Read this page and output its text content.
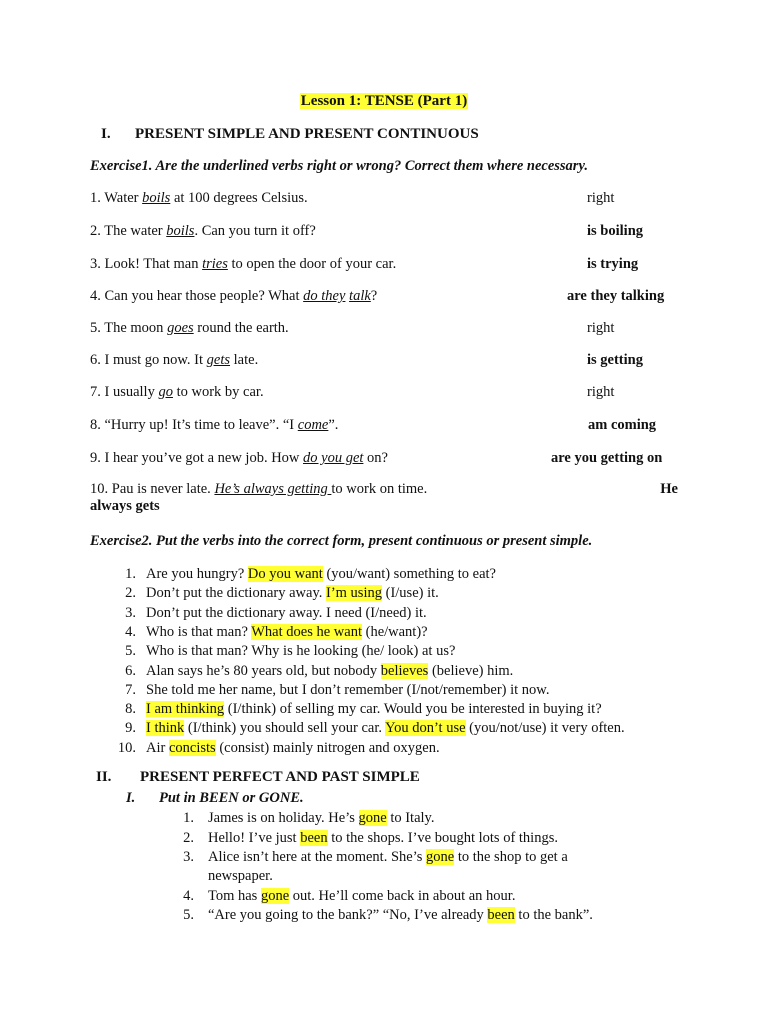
Lesson 1: TENSE (Part 1)
I. PRESENT SIMPLE AND PRESENT CONTINUOUS
Exercise1. Are the underlined verbs right or wrong? Correct them where necessary.
1. Water boils at 100 degrees Celsius.	right
2. The water boils. Can you turn it off?	is boiling
3. Look! That man tries to open the door of your car.	is trying
4. Can you hear those people? What do they talk?	are they talking
5. The moon goes round the earth.	right
6. I must go now. It gets late.	is getting
7. I usually go to work by car.	right
8. “Hurry up! It’s time to leave”. “I come”.	am coming
9. I hear you’ve got a new job. How do you get on?	are you getting on
10. Pau is never late. He’s always getting to work on time.	He
always gets
Exercise2. Put the verbs into the correct form, present continuous or present simple.
1. Are you hungry? Do you want (you/want) something to eat?
2. Don’t put the dictionary away. I’m using (I/use) it.
3. Don’t put the dictionary away. I need (I/need) it.
4. Who is that man? What does he want (he/want)?
5. Who is that man? Why is he looking (he/ look) at us?
6. Alan says he’s 80 years old, but nobody believes (believe) him.
7. She told me her name, but I don’t remember (I/not/remember) it now.
8. I am thinking (I/think) of selling my car. Would you be interested in buying it?
9. I think (I/think) you should sell your car. You don’t use (you/not/use) it very often.
10. Air concists (consist) mainly nitrogen and oxygen.
II. PRESENT PERFECT AND PAST SIMPLE
I. Put in BEEN or GONE.
1. James is on holiday. He’s gone to Italy.
2. Hello! I’ve just been to the shops. I’ve bought lots of things.
3. Alice isn’t here at the moment. She’s gone to the shop to get a
newspaper.
4. Tom has gone out. He’ll come back in about an hour.
5. “Are you going to the bank?” “No, I’ve already been to the bank”.
